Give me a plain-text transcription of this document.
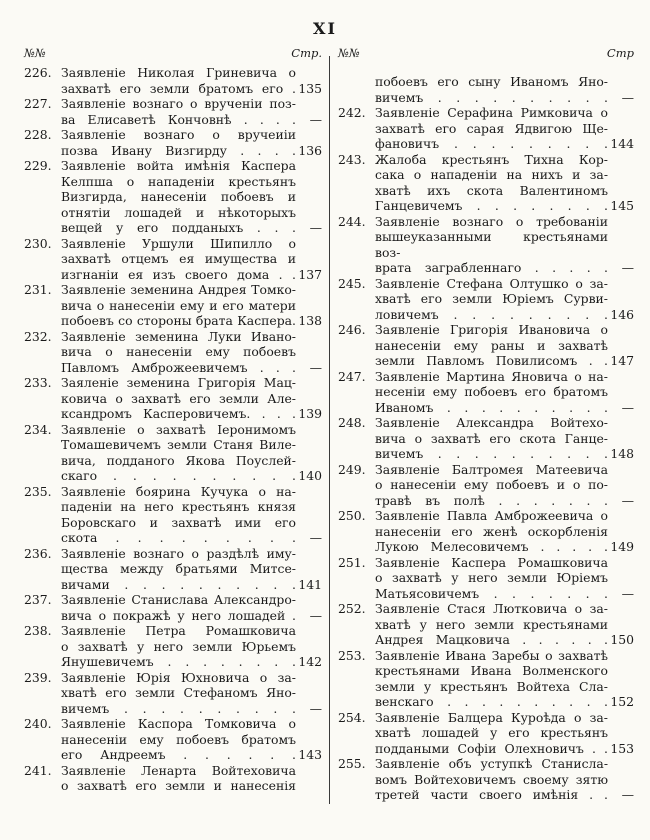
XI
№№	Стр.
226. Заявленіе Николая Гриневича о
захватѣ его земли братомъ его . 135
227. Заявленіе вознаго о врученіи поз-
ва Елисаветѣ Кончовнѣ . . . .	—
228. Заявленіе вознаго о вручеиіи
позва Ивану Визгирду . . . . 136
229. Заявленіе войта имѣнія Каспера
Келпша о нападеніи крестьянъ
Визгирда, нанесеніи побоевъ и
отнятіи лошадей и нѣкоторыхъ
вещей у его подданыхъ . . .	—
230. Заявленіе Уршули Шипилло о
захватѣ отцемъ ея имущества и
изгнаніи ея изъ своего дома . . 137
231. Заявленіе земенина Андрея Томко-
вича о нанесеніи ему и его матери
побоевъ со стороны брата Каспера. 138
232. Заявленіе земенина Луки Ивано-
вича о нанесеніи ему побоевъ
Павломъ Амброжеевичемъ . . .	—
233. Заяленіе земенина Григорія Мац-
ковича о захватѣ его земли Але-
ксандромъ Касперовичемъ. . . . 139
234. Заявленіе о захватѣ Іеронимомъ
Томашевичемъ земли Станя Виле-
вича, подданого Якова Поуслей-
скаго . . . . . . . . . . 140
235. Заявленіе боярина Кучука о на-
паденіи на него крестьянъ князя
Боровскаго и захватѣ ими его
скота . . . . . . . . .	—
236. Заявленіе вознаго о раздѣлѣ иму-
щества между братьями Митсе-
вичами . . . . . . . . . . 141
237. Заявленіе Станислава Александро-
вича о покражѣ у него лошадей .	—
238. Заявленіе Петра Ромашковича
о захватѣ у него земли Юрьемъ
Янушевичемъ . . . . . . . . 142
239. Заявленіе Юрія Юхновича о за-
хватѣ его земли Стефаномъ Яно-
вичемъ . . . . . . . . . .	—
240. Заявленіе Каспора Томковича о
нанесеніи ему побоевъ братомъ
его Андреемъ . . . . . . 143
241. Заявленіе Ленарта Войтеховича
о захватѣ его земли и нанесенія
№№	Стр
побоевъ его сыну Иваномъ Яно-
вичемъ . . . . . . . . . .	—
242. Заявленіе Серафина Римковича о
захватѣ его сарая Ядвигою Ще-
фановичъ . . . . . . . . . 144
243. Жалоба крестьянъ Тихна Кор-
сака о нападеніи на нихъ и за-
хватѣ ихъ скота Валентиномъ
Ганцевичемъ . . . . . . . . 145
244. Заявленіе вознаго о требованіи
вышеуказанными крестьянами воз-
врата заграбленнаго . . . . .	—
245. Заявленіе Стефана Олтушко о за-
хватѣ его земли Юріемъ Сурви-
ловичемъ . . . . . . . . . 146
246. Заявленіе Григорія Ивановича о
нанесеніи ему раны и захватѣ
земли Павломъ Повилисомъ . . 147
247. Заявленіе Мартина Яновича о на-
несеніи ему побоевъ его братомъ
Иваномъ . . . . . . . . . .	—
248. Заявленіе Александра Войтехо-
вича о захватѣ его скота Ганце-
вичемъ . . . . . . . . . . 148
249. Заявленіе Балтромея Матеевича
о нанесеніи ему побоевъ и о по-
травѣ въ полѣ . . . . . . .	—
250. Заявленіе Павла Амброжеевича о
нанесеніи его женѣ оскорбленія
Лукою Мелесовичемъ . . . . . 149
251. Заявленіе Каспера Ромашковича
о захватѣ у него земли Юріемъ
Матьясовичемъ . . . . . . .	—
252. Заявленіе Стася Лютковича о за-
хватѣ у него земли крестьянами
Андрея Мацковича . . . . . . 150
253. Заявленіе Ивана Заребы о захватѣ
крестьянами Ивана Волменского
земли у крестьянъ Войтеха Сла-
венскаго . . . . . . . . . . 152
254. Заявленіе Балцера Куроѣда о за-
хватѣ лошадей у его крестьянъ
поддаными Софіи Олехновичъ . . 153
255. Заявленіе объ уступкѣ Станисла-
вомъ Войтеховичемъ своему зятю
третей части своего имѣнія . .	—
